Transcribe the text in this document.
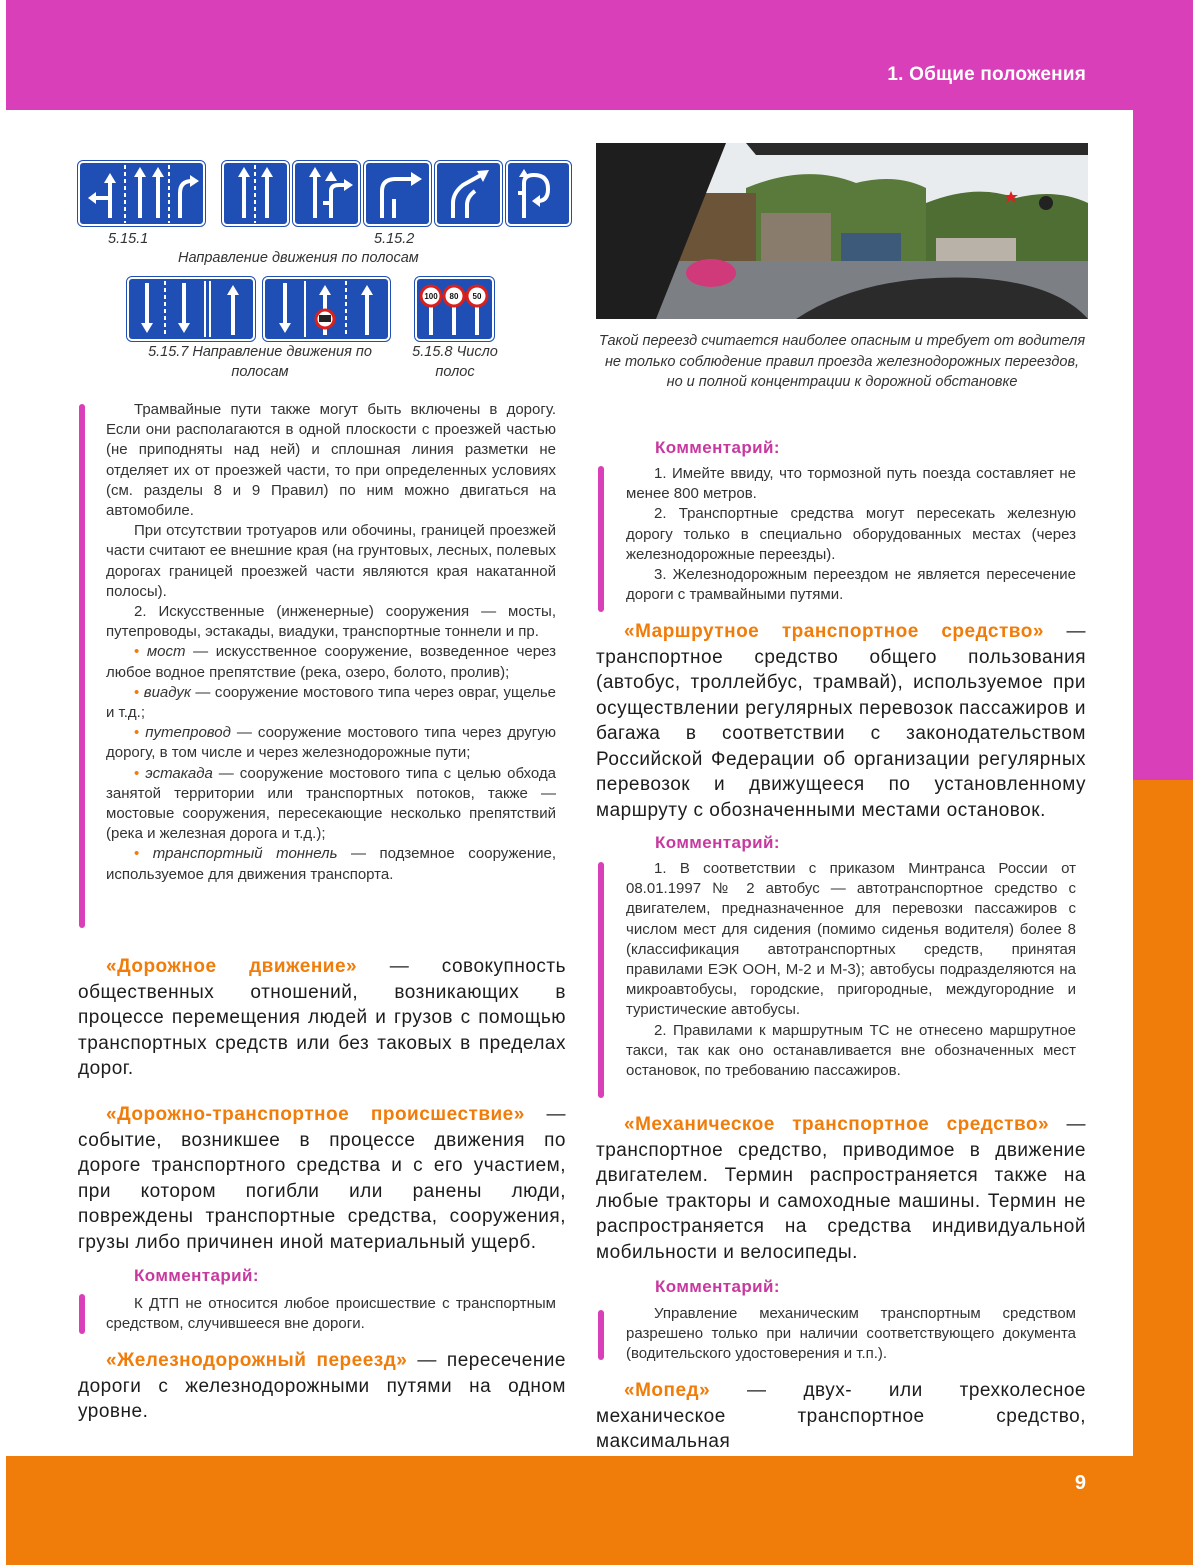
1. Общие положения
9
5.15.1	5.15.2
Направление движения по полосам
100 80 50
5.15.7 Направление движения по полосам
5.15.8 Число полос
Такой переезд считается наиболее опасным и требует от водителя не только соблюдение правил проезда железнодорожных переездов, но и полной концентрации к дорожной обстановке

Трамвайные пути также могут быть включены в дорогу. Если они располагаются в одной плоскости с проезжей частью (не приподняты над ней) и сплошная линия разметки не отделяет их от проезжей части, то при определенных условиях (см. разделы 8 и 9 Правил) по ним можно двигаться на автомобиле.

При отсутствии тротуаров или обочины, границей проезжей части считают ее внешние края (на грунтовых, лесных, полевых дорогах границей проезжей части являются края накатанной полосы).

2. Искусственные (инженерные) сооружения — мосты, путепроводы, эстакады, виадуки, транспортные тоннели и пр.

• мост — искусственное сооружение, возведенное через любое водное препятствие (река, озеро, болото, пролив);
• виадук — сооружение мостового типа через овраг, ущелье и т.д.;
• путепровод — сооружение мостового типа через другую дорогу, в том числе и через железнодорожные пути;
• эстакада — сооружение мостового типа с целью обхода занятой территории или транспортных потоков, также — мостовые сооружения, пересекающие несколько препятствий (река и железная дорога и т.д.);
• транспортный тоннель — подземное сооружение, используемое для движения транспорта.

«Дорожное движение» — совокупность общественных отношений, возникающих в процессе перемещения людей и грузов с помощью транспортных средств или без таковых в пределах дорог.

«Дорожно-транспортное происшествие» — событие, возникшее в процессе движения по дороге транспортного средства и с его участием, при котором погибли или ранены люди, повреждены транспортные средства, сооружения, грузы либо причинен иной материальный ущерб.

Комментарий:

К ДТП не относится любое происшествие с транспортным средством, случившееся вне дороги.

«Железнодорожный переезд» — пересечение дороги с железнодорожными путями на одном уровне.

Комментарий:

1. Имейте ввиду, что тормозной путь поезда составляет не менее 800 метров.

2. Транспортные средства могут пересекать железную дорогу только в специально оборудованных местах (через железнодорожные переезды).

3. Железнодорожным переездом не является пересечение дороги с трамвайными путями.

«Маршрутное транспортное средство» — транспортное средство общего пользования (автобус, троллейбус, трамвай), используемое при осуществлении регулярных перевозок пассажиров и багажа в соответствии с законодательством Российской Федерации об организации регулярных перевозок и движущееся по установленному маршруту с обозначенными местами остановок.

Комментарий:

1. В соответствии с приказом Минтранса России от 08.01.1997 № 2 автобус — автотранспортное средство с двигателем, предназначенное для перевозки пассажиров с числом мест для сидения (помимо сиденья водителя) более 8 (классификация автотранспортных средств, принятая правилами ЕЭК ООН, М-2 и М-3); автобусы подразделяются на микроавтобусы, городские, пригородные, междугородние и туристические автобусы.

2. Правилами к маршрутным ТС не отнесено маршрутное такси, так как оно останавливается вне обозначенных мест остановок, по требованию пассажиров.

«Механическое транспортное средство» — транспортное средство, приводимое в движение двигателем. Термин распространяется также на любые тракторы и самоходные машины. Термин не распространяется на средства индивидуальной мобильности и велосипеды.

Комментарий:

Управление механическим транспортным средством разрешено только при наличии соответствующего документа (водительского удостоверения и т.п.).

«Мопед» — двух- или трехколесное механическое транспортное средство, максимальная
